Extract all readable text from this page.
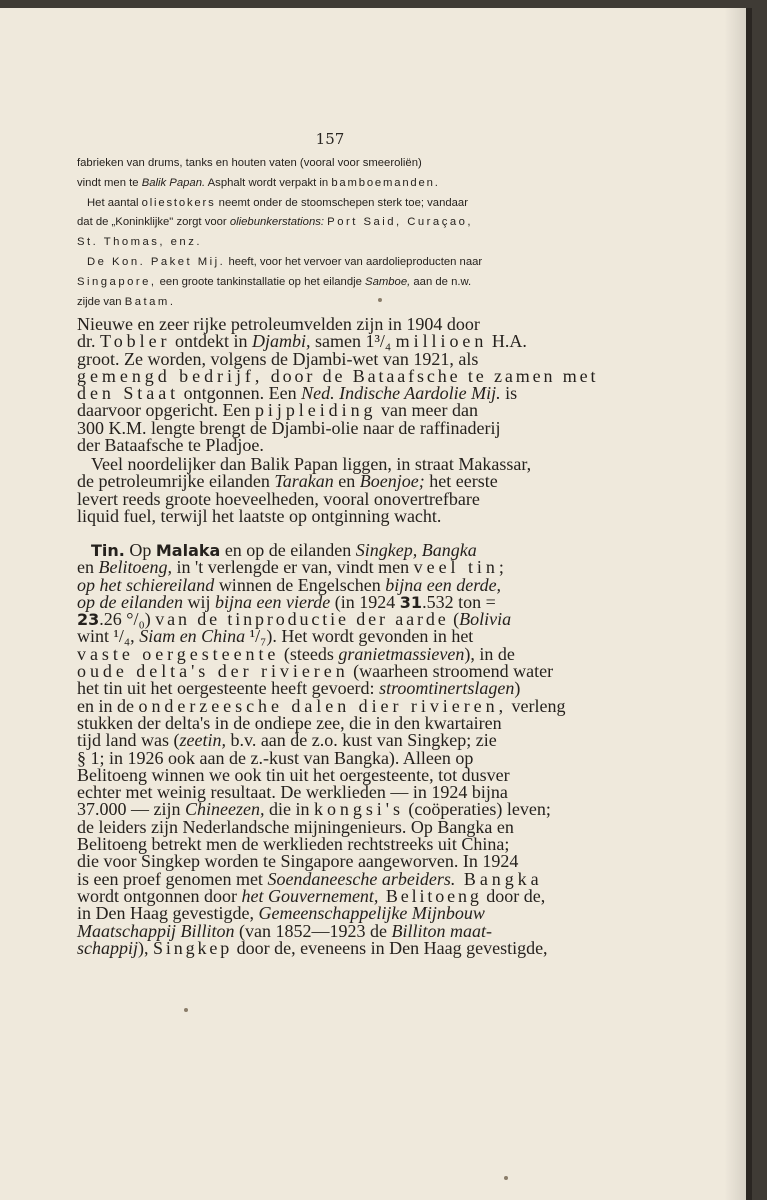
157
fabrieken van drums, tanks en houten vaten (vooral voor smeeroliën)
vindt men te Balik Papan. Asphalt wordt verpakt in bamboemanden.
Het aantal oliestokers neemt onder de stoomschepen sterk toe; vandaar
dat de „Koninklijke" zorgt voor oliebunkerstations: Port Said, Curaçao,
St. Thomas, enz.
De Kon. Paket Mij. heeft, voor het vervoer van aardolieproducten naar
Singapore, een groote tankinstallatie op het eilandje Samboe, aan de n.w.
zijde van Batam.
Nieuwe en zeer rijke petroleumvelden zijn in 1904 door
dr. Tobler ontdekt in Djambi, samen 1³/₄ millioen H.A.
groot. Ze worden, volgens de Djambi-wet van 1921, als
gemengd bedrijf, door de Bataafsche te zamen met
den Staat ontgonnen. Een Ned. Indische Aardolie Mij. is
daarvoor opgericht. Een pijpleiding van meer dan
300 K.M. lengte brengt de Djambi-olie naar de raffinaderij
der Bataafsche te Pladjoe.
Veel noordelijker dan Balik Papan liggen, in straat Makassar,
de petroleumrijke eilanden Tarakan en Boenjoe; het eerste
levert reeds groote hoeveelheden, vooral onovertrefbare
liquid fuel, terwijl het laatste op ontginning wacht.
Tin. Op Malaka en op de eilanden Singkep, Bangka
en Belitoeng, in 't verlengde er van, vindt men veel tin;
op het schiereiland winnen de Engelschen bijna een derde,
op de eilanden wij bijna een vierde (in 1924 31.532 ton =
23.26 °/₀) van de tinproductie der aarde (Bolivia
wint ¹/₄, Siam en China ¹/₇). Het wordt gevonden in het
vaste oergesteente (steeds granietmassieven), in de
oude delta's der rivieren (waarheen stroomend water
het tin uit het oergesteente heeft gevoerd: stroomtinertslagen)
en in de onderzeesche dalen dier rivieren, verleng
stukken der delta's in de ondiepe zee, die in den kwartairen
tijd land was (zeetin, b.v. aan de z.o. kust van Singkep; zie
§ 1; in 1926 ook aan de z.-kust van Bangka). Alleen op
Belitoeng winnen we ook tin uit het oergesteente, tot dusver
echter met weinig resultaat. De werklieden — in 1924 bijna
37.000 — zijn Chineezen, die in kongsi's (coöperaties) leven;
de leiders zijn Nederlandsche mijningenieurs. Op Bangka en
Belitoeng betrekt men de werklieden rechtstreeks uit China;
die voor Singkep worden te Singapore aangeworven. In 1924
is een proef genomen met Soendaneesche arbeiders. Bangka
wordt ontgonnen door het Gouvernement, Belitoeng door de,
in Den Haag gevestigde, Gemeenschappelijke Mijnbouw
Maatschappij Billiton (van 1852—1923 de Billiton maat-
schappij), Singkep door de, eveneens in Den Haag gevestigde,
